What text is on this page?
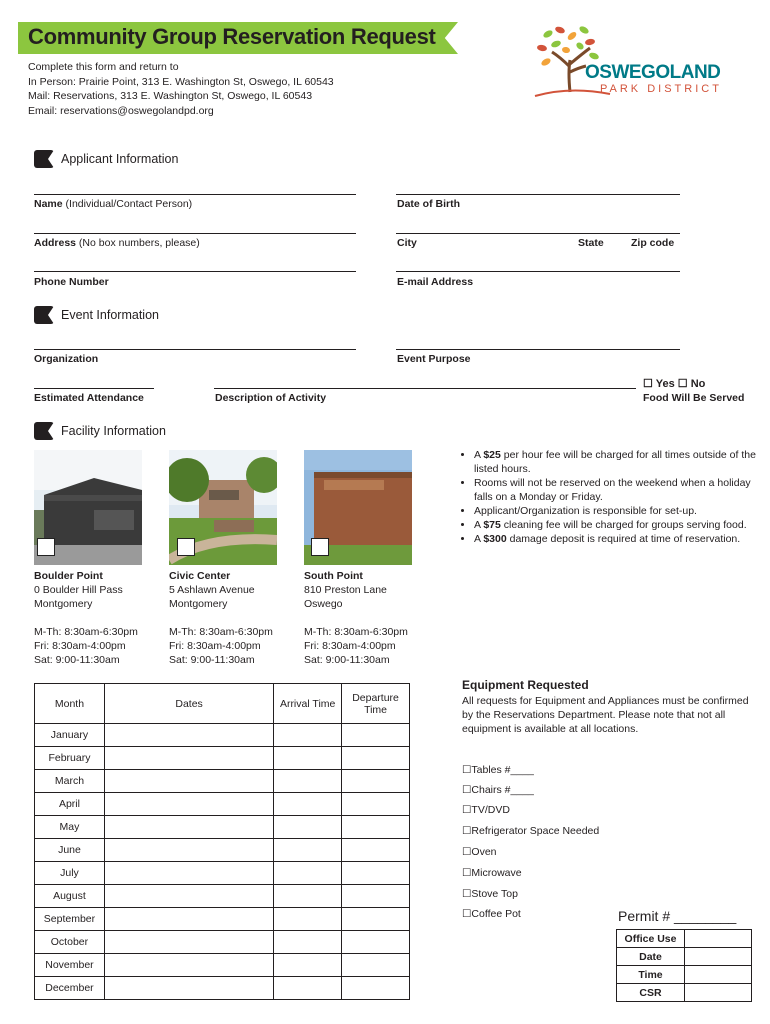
Community Group Reservation Request
Complete this form and return to
In Person: Prairie Point, 313 E. Washington St, Oswego, IL 60543
Mail: Reservations, 313 E. Washington St, Oswego, IL 60543
Email: reservations@oswegolandpd.org
OSWEGOLAND
PARK DISTRICT
Applicant Information
Name (Individual/Contact Person)	Date of Birth
Address (No box numbers, please)	City	State	Zip code
Phone Number	E-mail Address
Event Information
Organization	Event Purpose
Estimated Attendance	Description of Activity
☐ Yes ☐ No
Food Will Be Served
Facility Information
Boulder Point
0 Boulder Hill Pass
Montgomery
M-Th: 8:30am-6:30pm
Fri: 8:30am-4:00pm
Sat: 9:00-11:30am
Civic Center
5 Ashlawn Avenue
Montgomery
M-Th: 8:30am-6:30pm
Fri: 8:30am-4:00pm
Sat: 9:00-11:30am
South Point
810 Preston Lane
Oswego
M-Th: 8:30am-6:30pm
Fri: 8:30am-4:00pm
Sat: 9:00-11:30am
• A $25 per hour fee will be charged for all times outside of the listed hours.
• Rooms will not be reserved on the weekend when a holiday falls on a Monday or Friday.
• Applicant/Organization is responsible for set-up.
• A $75 cleaning fee will be charged for groups serving food.
• A $300 damage deposit is required at time of reservation.
Month	Dates	Arrival Time	Departure Time
January			
February			
March			
April			
May			
June			
July			
August			
September			
October			
November			
December			
Equipment Requested
All requests for Equipment and Appliances must be confirmed by the Reservations Department. Please note that not all equipment is available at all locations.
☐Tables #____
☐Chairs #____
☐TV/DVD
☐Refrigerator Space Needed
☐Oven
☐Microwave
☐Stove Top
☐Coffee Pot	Permit # ________
Office Use	
Date	
Time	
CSR	
